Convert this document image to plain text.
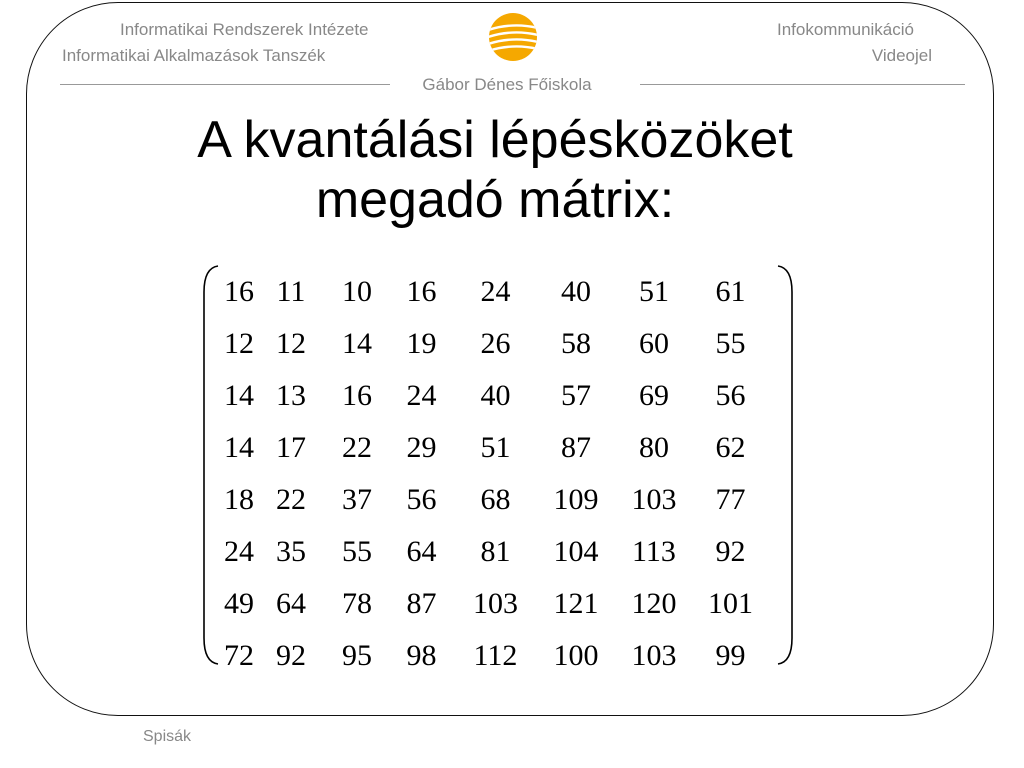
Informatikai Rendszerek Intézete
Informatikai Alkalmazások Tanszék
Infokommunikáció
Videojel
Gábor Dénes Főiskola
A kvantálási lépésközöket
megadó mátrix:
16 11	10	16	24	40	51	61
12 12	14	19	26	58	60	55
14 13	16	24	40	57	69	56
14 17	22	29	51	87	80	62
18 22	37	56	68	109	103	77
24 35	55	64	81	104	113	92
49 64	78	87	103	121	120	101
72 92	95	98	112	100	103	99
Spisák
